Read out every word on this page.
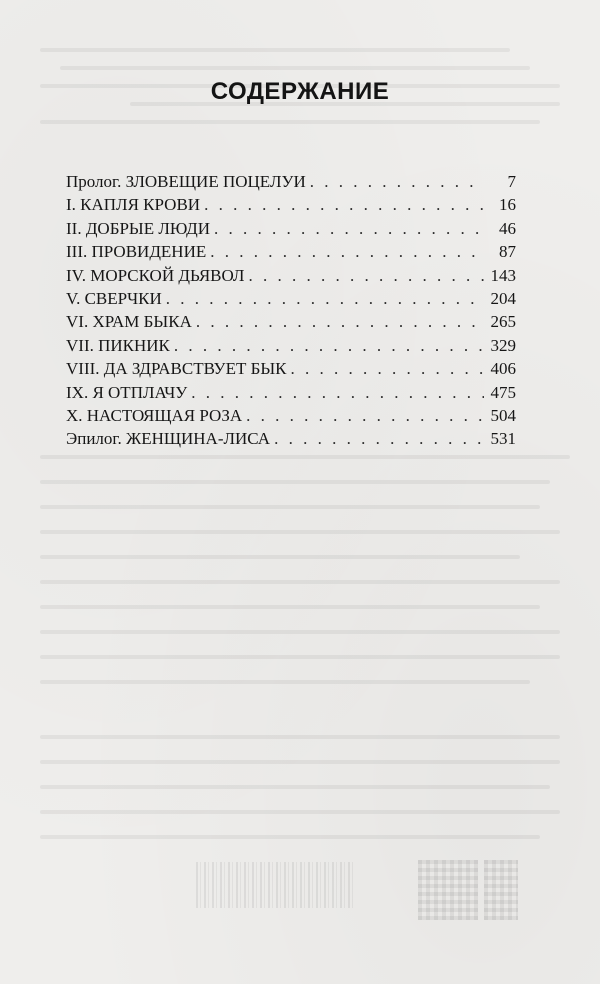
СОДЕРЖАНИЕ
Пролог. ЗЛОВЕЩИЕ ПОЦЕЛУИ . . .	7
I. КАПЛЯ КРОВИ . . .	16
II. ДОБРЫЕ ЛЮДИ . . .	46
III. ПРОВИДЕНИЕ . . .	87
IV. МОРСКОЙ ДЬЯВОЛ . . .	143
V. СВЕРЧКИ . . .	204
VI. ХРАМ БЫКА . . .	265
VII. ПИКНИК . . .	329
VIII. ДА ЗДРАВСТВУЕТ БЫК . . .	406
IX. Я ОТПЛАЧУ . . .	475
X. НАСТОЯЩАЯ РОЗА . . .	504
Эпилог. ЖЕНЩИНА-ЛИСА . . .	531
